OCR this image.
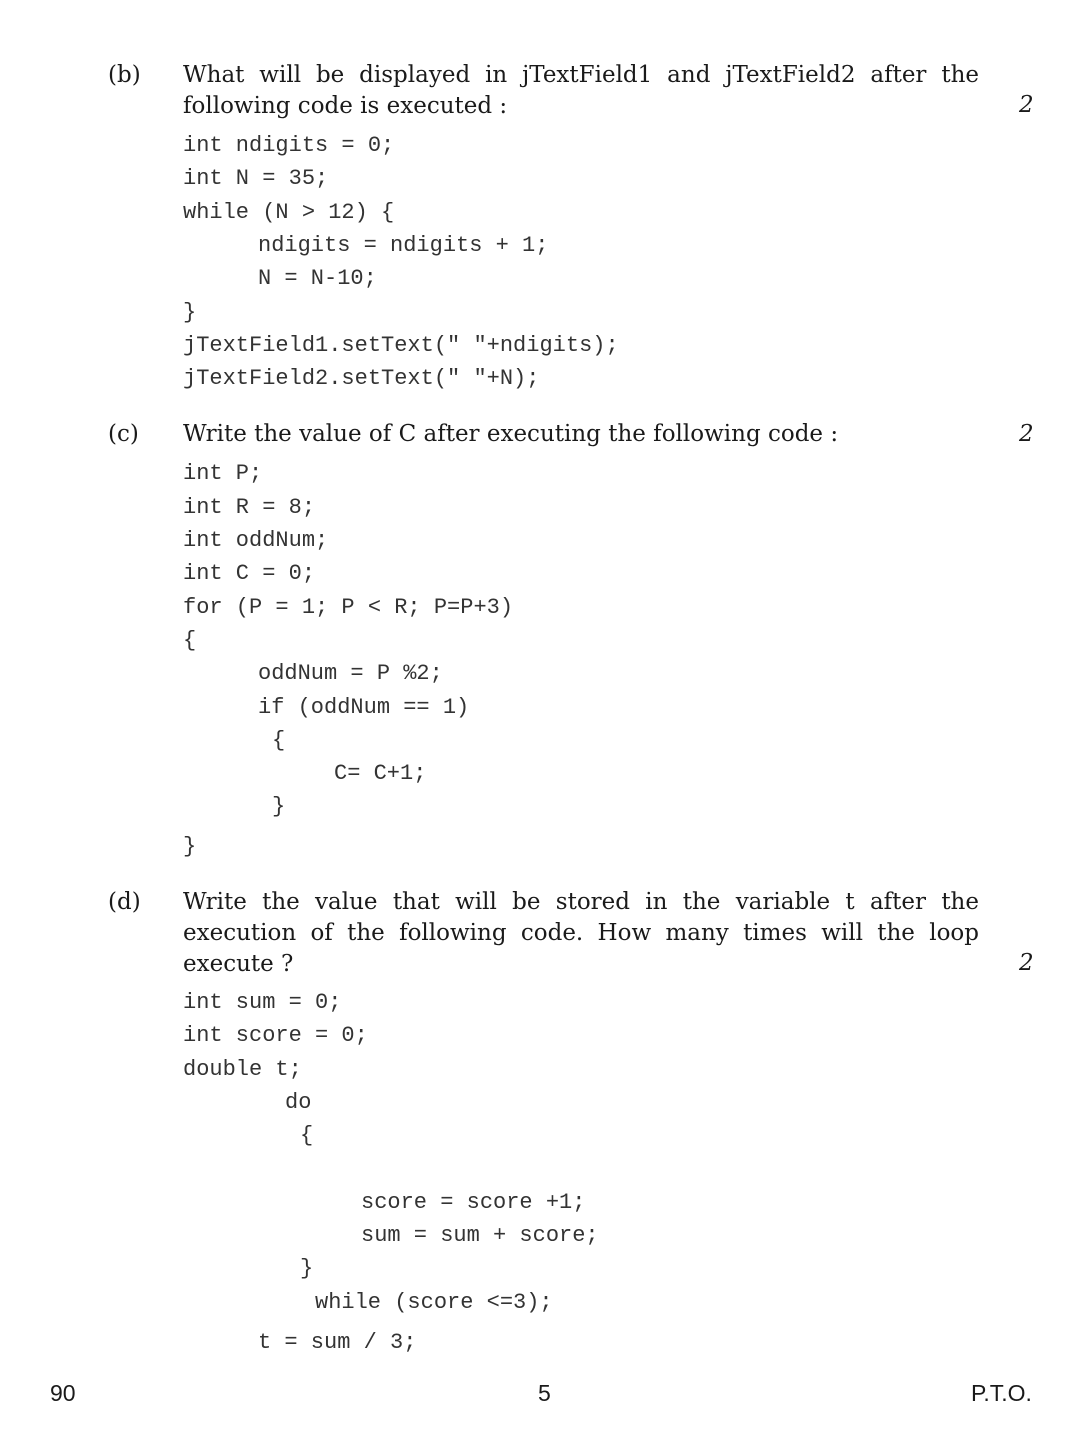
(b) What will be displayed in jTextField1 and jTextField2 after the following code is executed :	2
int ndigits = 0;
int N = 35;
while (N > 12) {
ndigits = ndigits + 1;
N = N-10;
}
jTextField1.setText(" "+ndigits);
jTextField2.setText(" "+N);
(c) Write the value of C after executing the following code :	2
int P;
int R = 8;
int oddNum;
int C = 0;
for (P = 1; P < R; P=P+3)
{
oddNum = P %2;
if (oddNum == 1)
{
C= C+1;
}
}
(d) Write the value that will be stored in the variable t after the execution of the following code. How many times will the loop execute ?	2
int sum = 0;
int score = 0;
double t;
do
{
score = score +1;
sum = sum + score;
}
while (score <=3);
t = sum / 3;
90	5	P.T.O.
